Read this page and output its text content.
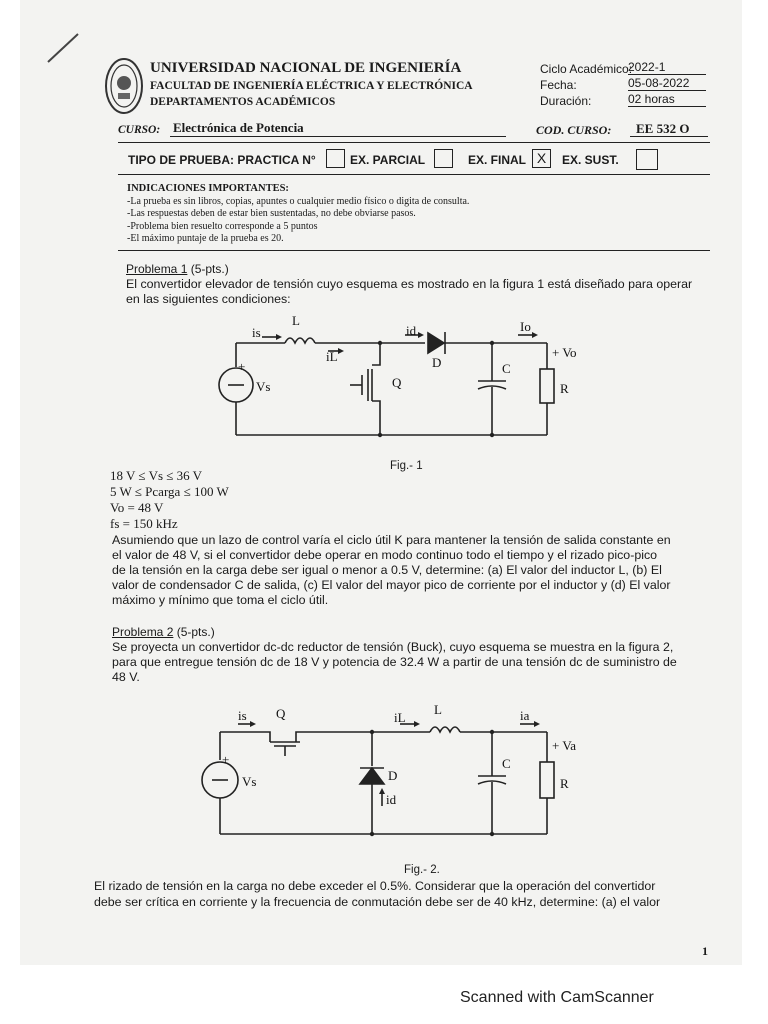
UNIVERSIDAD NACIONAL DE INGENIERÍA
FACULTAD DE INGENIERÍA ELÉCTRICA Y ELECTRÓNICA
DEPARTAMENTOS ACADÉMICOS
Ciclo Académico:
2022-1
Fecha:	05-08-2022
Duración:	02 horas
CURSO: Electrónica de Potencia	COD. CURSO: EE 532 O
TIPO DE PRUEBA: PRACTICA N°	EX. PARCIAL	EX. FINAL X	EX. SUST.
INDICACIONES IMPORTANTES:
-La prueba es sin libros, copias, apuntes o cualquier medio físico o digita de consulta.
-Las respuestas deben de estar bien sustentadas, no debe obviarse pasos.
-Problema bien resuelto corresponde a 5 puntos
-El máximo puntaje de la prueba es 20.
Problema 1 (5-pts.)
El convertidor elevador de tensión cuyo esquema es mostrado en la figura 1 está diseñado para operar
en las siguientes condiciones:
L
is
iL
id
D
Io
+ Vo
C
R
Q
Vs
+
Fig.- 1
18 V ≤ Vs ≤ 36 V
5 W ≤ Pcarga ≤ 100 W
Vo = 48 V
fs = 150 kHz
Asumiendo que un lazo de control varía el ciclo útil K para mantener la tensión de salida constante en
el valor de 48 V, si el convertidor debe operar en modo continuo todo el tiempo y el rizado pico-pico
de la tensión en la carga debe ser igual o menor a 0.5 V, determine: (a) El valor del inductor L, (b) El
valor de condensador C de salida, (c) El valor del mayor pico de corriente por el inductor y (d) El valor
máximo y mínimo que toma el ciclo útil.
Problema 2 (5-pts.)
Se proyecta un convertidor dc-dc reductor de tensión (Buck), cuyo esquema se muestra en la figura 2,
para que entregue tensión dc de 18 V y potencia de 32.4 W a partir de una tensión dc de suministro de
48 V.
is Q	iL
L	ia
+ Va
D
id
C
R
Vs
+
Fig.- 2.
El rizado de tensión en la carga no debe exceder el 0.5%. Considerar que la operación del convertidor
debe ser crítica en corriente y la frecuencia de conmutación debe ser de 40 kHz, determine: (a) el valor
1
Scanned with CamScanner
